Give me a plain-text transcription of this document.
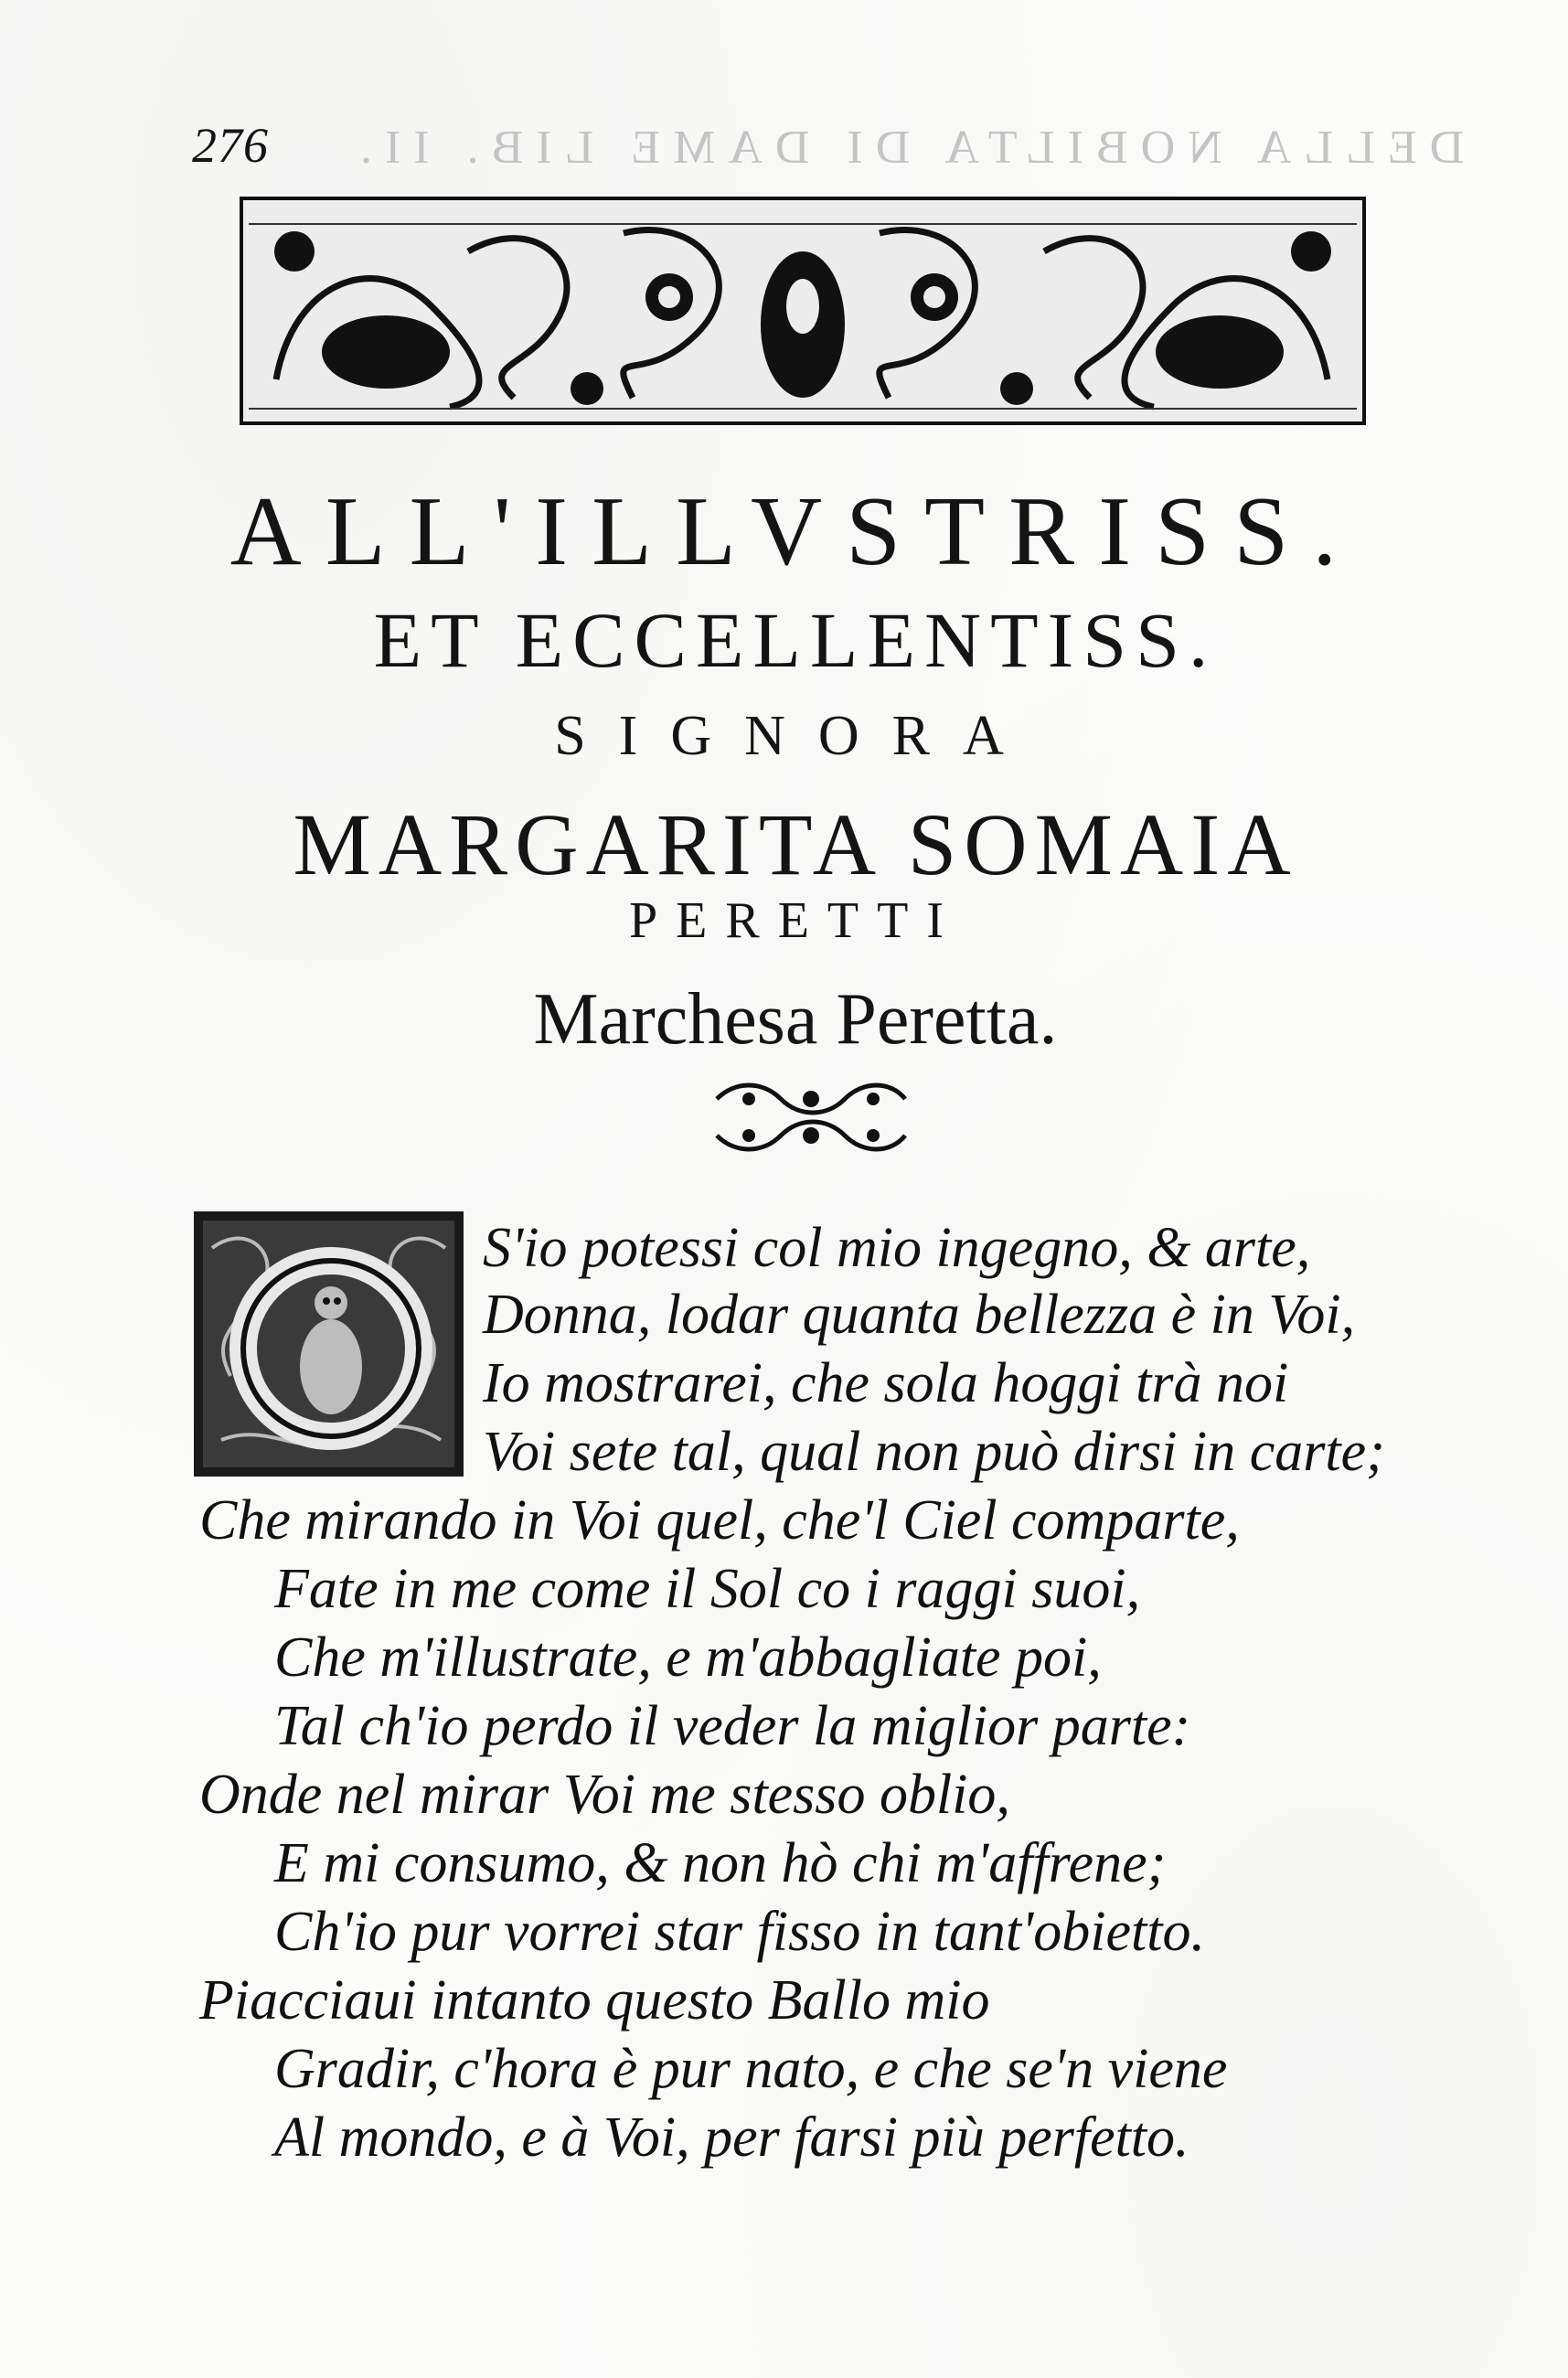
276 DELLA NOBILTA DI DAME LIB. II.
ALL'ILLVSTRISS.
ET ECCELLENTISS.
SIGNORA
MARGARITA SOMAIA
PERETTI
Marchesa Peretta.
S'io potessi col mio ingegno, & arte,
Donna, lodar quanta bellezza è in Voi,
Io mostrarei, che sola hoggi trà noi
Voi sete tal, qual non può dirsi in carte;
Che mirando in Voi quel, che'l Ciel comparte,
Fate in me come il Sol co i raggi suoi,
Che m'illustrate, e m'abbagliate poi,
Tal ch'io perdo il veder la miglior parte:
Onde nel mirar Voi me stesso oblio,
E mi consumo, & non hò chi m'affrene;
Ch'io pur vorrei star fisso in tant'obietto.
Piacciaui intanto questo Ballo mio
Gradir, c'hora è pur nato, e che se'n viene
Al mondo, e à Voi, per farsi più perfetto.
